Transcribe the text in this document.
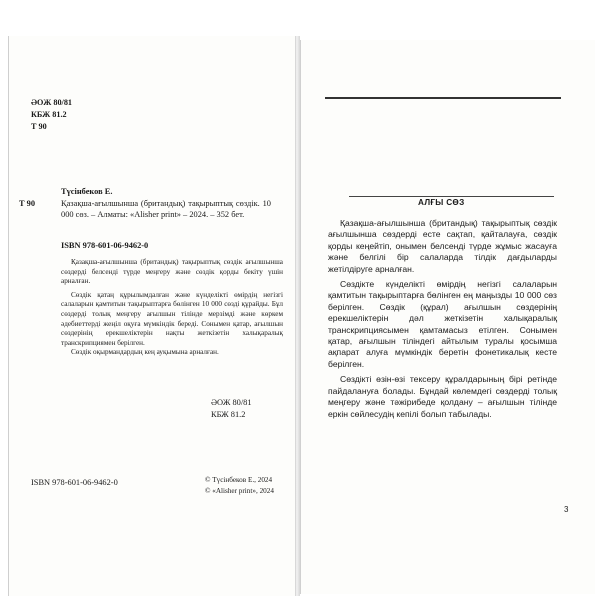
ӘОЖ 80/81
КБЖ 81.2
Т 90
Т 90
Түсінбеков Е.

Қазақша-ағылшынша (британдық) тақырыптық сөздік. 10 000 сөз. – Алматы: «Alisher print» – 2024. – 352 бет.

ISBN 978-601-06-9462-0

Қазақша-ағылшынша (британдық) тақырыптық сөздік ағылшынша сөздерді белсенді түрде меңгеру және сөздік қорды бекіту үшін арналған.

Сөздік қатаң құрылымдалған және күнделікті өмірдің негізгі салаларын қамтитын тақырыптарға бөлінген 10 000 сөзді құрайды. Бұл сөздерді толық меңгеру ағылшын тілінде мерзімді және көркем әдебиеттерді жеңіл оқуға мүмкіндік береді. Сонымен қатар, ағылшын сөздерінің ерекшеліктерін нақты жеткізетін халықаралық транскрипциямен берілген.

Сөздік оқырмандардың кең ауқымына арналған.

ӘОЖ 80/81
КБЖ 81.2
ISBN 978-601-06-9462-0	© Түсінбеков Е., 2024
© «Alisher print», 2024
АЛҒЫ СӨЗ

Қазақша-ағылшынша (британдық) тақырыптық сөздік ағылшынша сөздерді есте сақтап, қайталауға, сөздік қорды кеңейтіп, онымен белсенді түрде жұмыс жасауға және белгілі бір салаларда тілдік дағдыларды жетілдіруге арналған.

Сөздікте күнделікті өмірдің негізгі салаларын қамтитын тақырыптарға бөлінген ең маңызды 10 000 сөз берілген. Сөздік (құрал) ағылшын сөздерінің ерекшеліктерін дәл жеткізетін халықаралық транскрипциясымен қамтамасыз етілген. Сонымен қатар, ағылшын тіліндегі айтылым туралы қосымша ақпарат алуға мүмкіндік беретін фонетикалық кесте берілген.

Сөздікті өзін-өзі тексеру құралдарының бірі ретінде пайдалануға болады. Бұндай көлемдегі сөздерді толық меңгеру және тәжірибеде қолдану – ағылшын тілінде еркін сөйлесудің кепілі болып табылады.

3
